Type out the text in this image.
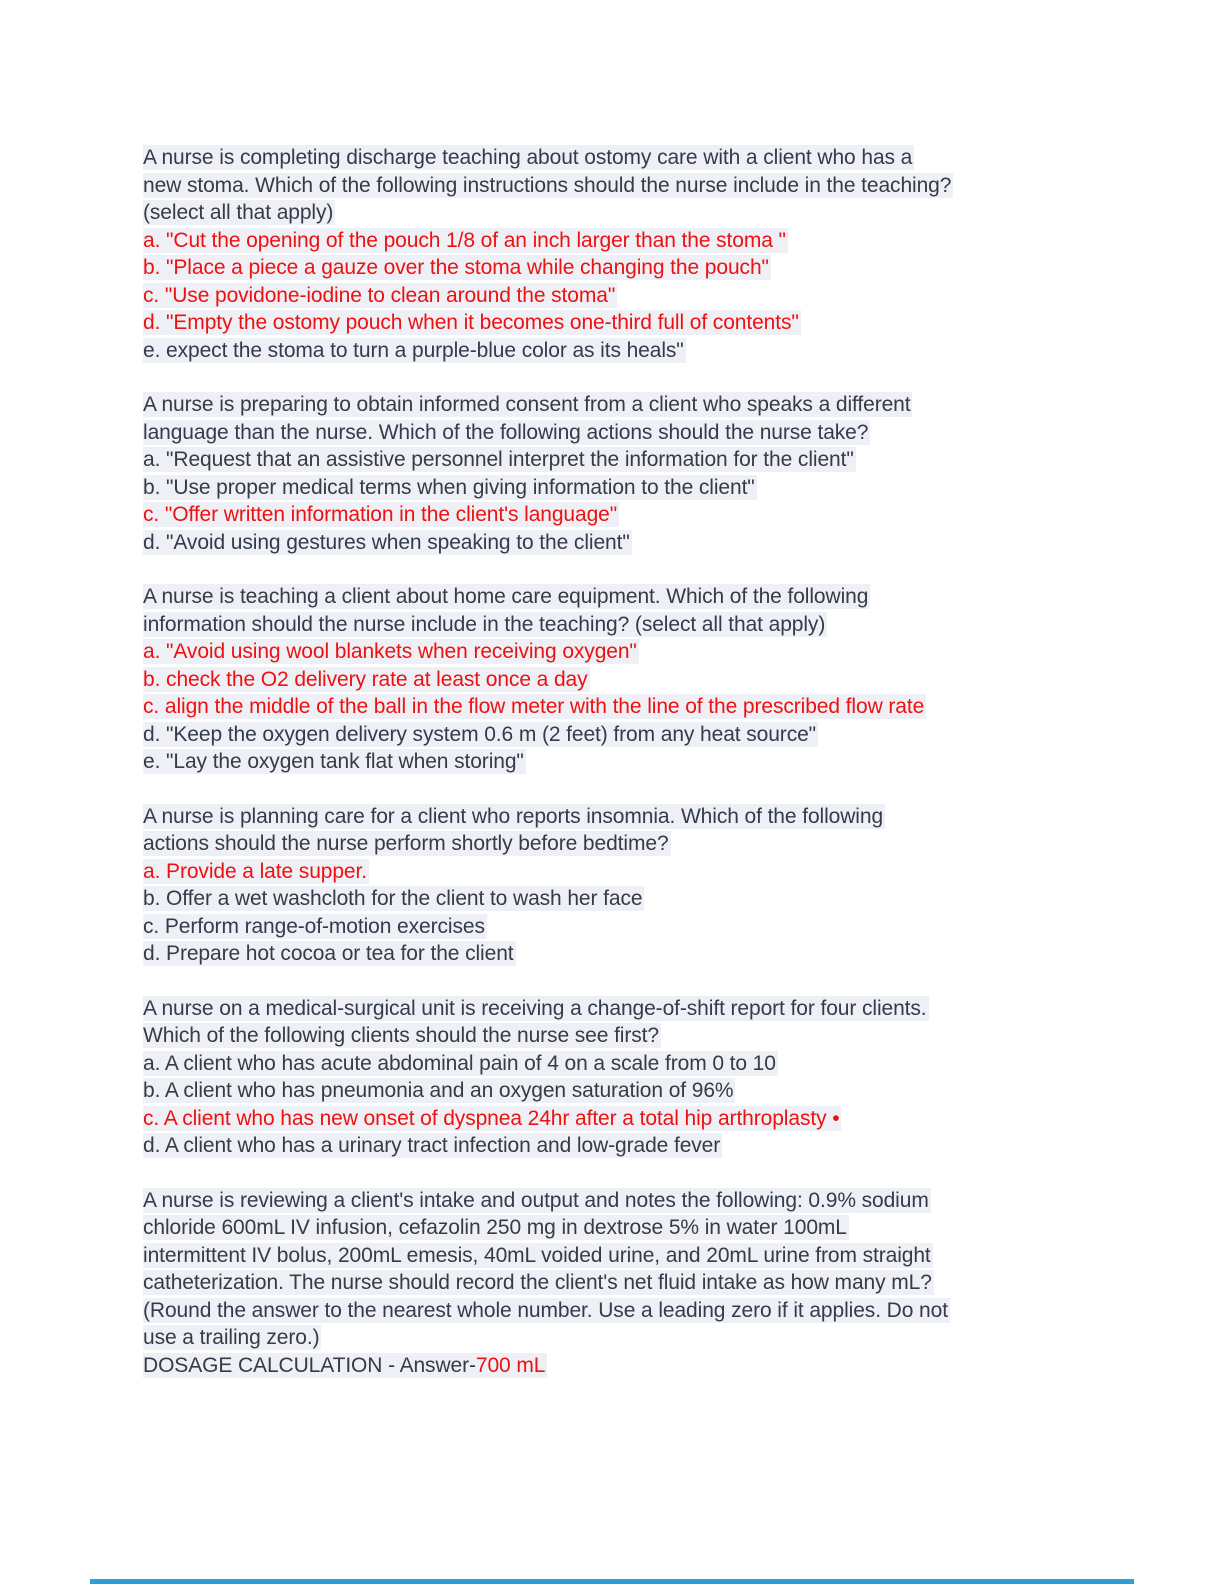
A nurse is completing discharge teaching about ostomy care with a client who has a

new stoma. Which of the following instructions should the nurse include in the teaching?

(select all that apply)

a. "Cut the opening of the pouch 1/8 of an inch larger than the stoma "

b. "Place a piece a gauze over the stoma while changing the pouch"

c. "Use povidone-iodine to clean around the stoma"

d. "Empty the ostomy pouch when it becomes one-third full of contents"

e. expect the stoma to turn a purple-blue color as its heals"

A nurse is preparing to obtain informed consent from a client who speaks a different

language than the nurse. Which of the following actions should the nurse take?

a. "Request that an assistive personnel interpret the information for the client"

b. "Use proper medical terms when giving information to the client"

c. "Offer written information in the client's language"

d. "Avoid using gestures when speaking to the client"

A nurse is teaching a client about home care equipment. Which of the following

information should the nurse include in the teaching? (select all that apply)

a. "Avoid using wool blankets when receiving oxygen"

b. check the O2 delivery rate at least once a day

c. align the middle of the ball in the flow meter with the line of the prescribed flow rate

d. "Keep the oxygen delivery system 0.6 m (2 feet) from any heat source"

e. "Lay the oxygen tank flat when storing"

A nurse is planning care for a client who reports insomnia. Which of the following

actions should the nurse perform shortly before bedtime?

a. Provide a late supper.

b. Offer a wet washcloth for the client to wash her face

c. Perform range-of-motion exercises

d. Prepare hot cocoa or tea for the client

A nurse on a medical-surgical unit is receiving a change-of-shift report for four clients.

Which of the following clients should the nurse see first?

a. A client who has acute abdominal pain of 4 on a scale from 0 to 10

b. A client who has pneumonia and an oxygen saturation of 96%

c. A client who has new onset of dyspnea 24hr after a total hip arthroplasty •

d. A client who has a urinary tract infection and low-grade fever

A nurse is reviewing a client's intake and output and notes the following: 0.9% sodium

chloride 600mL IV infusion, cefazolin 250 mg in dextrose 5% in water 100mL

intermittent IV bolus, 200mL emesis, 40mL voided urine, and 20mL urine from straight

catheterization. The nurse should record the client's net fluid intake as how many mL?

(Round the answer to the nearest whole number. Use a leading zero if it applies. Do not

use a trailing zero.)

DOSAGE CALCULATION - Answer-700 mL
